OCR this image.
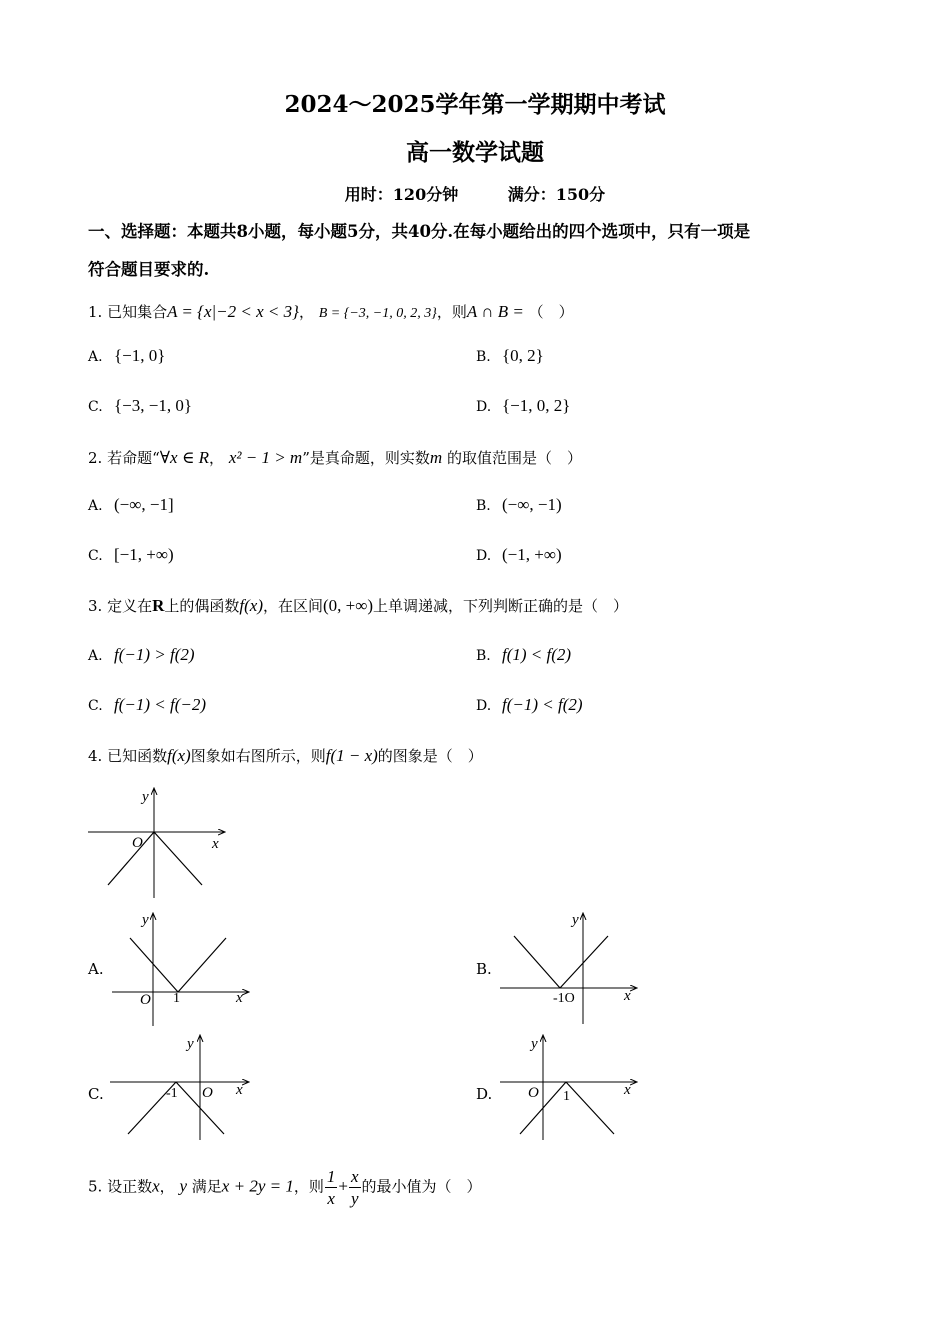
2024～2025学年第一学期期中考试
高一数学试题
用时：120分钟	满分：150分
一、选择题：本题共8小题，每小题5分，共40分.在每小题给出的四个选项中，只有一项是
符合题目要求的.
1. 已知集合A = {x|−2 < x < 3}， B = {−3, −1, 0, 2, 3}，则A ∩ B = （　）
A. {−1, 0}	B. {0, 2}
C. {−3, −1, 0}	D. {−1, 0, 2}
2. 若命题“∀x ∈ R， x² − 1 > m”是真命题，则实数m 的取值范围是（　）
A. (−∞, −1]	B. (−∞, −1)
C. [−1, +∞)	D. (−1, +∞)
3. 定义在R上的偶函数f(x)，在区间(0, +∞)上单调递减，下列判断正确的是（　）
A. f(−1) > f(2)	B. f(1) < f(2)
C. f(−1) < f(−2)	D. f(−1) < f(2)
4. 已知函数f(x)图象如右图所示，则f(1 − x)的图象是（　）
y
x
O
A.
y
x
O 1
B.
y
x
-1O
C.
y
x
O
-1	D.
y
x
O 1
5. 设正数x， y 满足x + 2y = 1，则 $\frac{1}{x} + \frac{x}{y}$ 的最小值为（　）
